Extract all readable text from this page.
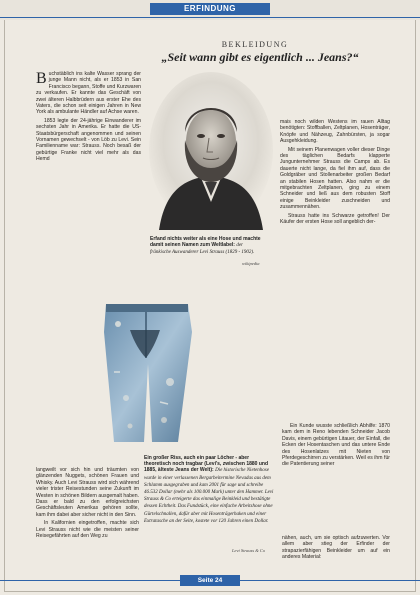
ERFINDUNG
BEKLEIDUNG
„Seit wann gibt es eigentlich ... Jeans?“

Buchstäblich ins kalte Wasser sprang der junge Mann nicht, als er 1853 in San Francisco begann, Stoffe und Kurzwaren zu verkaufen. Er kannte das Geschäft von zwei älteren Halbbrüdern aus erster Ehe des Vaters, die schon seit einigen Jahren in New York als ambulante Händler auf Achse waren.

1853 legte der 24-jährige Einwanderer im sechsten Jahr in Amerika. Er hatte die US-Staatsbürgerschaft angenommen und seinen Vornamen gewechselt - von Löb zu Levi. Sein Familienname war: Strauss. Noch besaß der gebürtige Franke nicht viel mehr als das Hemd

Erfand nichts weiter als eine Hose und machte damit seinen Namen zum Weltlabel: der fränkische Auswanderer Levi Strauss (1829 - 1902).
wikipedia

mais noch wilden Westens im rauen Alltag benötigten: Stoffballen, Zeltplanen, Hosenträger, Knöpfe und Nähzeug, Zahnbürsten, ja sogar Ausgehkleidung.

Mit seinem Planenwagen voller dieser Dinge des täglichen Bedarfs klapperte Jungunternehmer Strauss die Camps ab. Es dauerte nicht lange, da fiel ihm auf, dass die Goldgräber und Stollenarbeiter großen Bedarf an stabilen Hosen hatten. Also nahm er die mitgebrachten Zeltplanen, ging zu einem Schneider und ließ aus dem robusten Stoff einige Beinkleider zuschneiden und zusammennähen.

Strauss hatte ins Schwarze getroffen! Der Käufer der ersten Hose soll angeblich der-

Ein Kunde wusste schließlich Abhilfe: 1870 kam dem in Reno lebenden Schneider Jacob Davis, einem gebürtigen Litauer, der Einfall, die Ecken der Hosentaschen und das untere Ende des Hosenlatzes mit Nieten von Pferdegeschirren zu verstärken. Weil es ihm für die Patentierung seiner

langweilt vor sich hin und träumten von glänzenden Nuggets, schönen Frauen und Whisky. Auch Levi Strauss wird sich während vieler trister Reisestunden seine Zukunft im Westen in schönen Bildern ausgemalt haben. Dass er bald zu den erfolgreichsten Geschäftsleuten Amerikas gehören sollte, kam ihm dabei aber sicher nicht in den Sinn.

In Kalifornien eingetroffen, machte sich Levi Strauss nicht wie die meisten seiner Reisegefährten auf den Weg zu

Ein großer Riss, auch ein paar Löcher - aber theoretisch noch tragbar (Levi's, zwischen 1880 und 1885, älteste Jeans der Welt): Die historische Nietenhose wurde in einer verlassenen Bergarbeitermine Nevadas aus dem Schlamm ausgegraben und kam 2001 für sage und schreibe 46.532 Dollar (mehr als 100.000 Mark) unter den Hammer. Levi Strauss & Co erteigerte das einmalige Beinkleid und bestätigte dessen Echtheit. Das Fundstück, eine einfache Arbeitshose ohne Gürtelschnallen, dafür aber mit Hosenträgerhaken und einer Extratasche an der Seite, kostete vor 120 Jahren einen Dollar.
Levi Strauss & Co

nähen, auch, um sie optisch aufzuwerten. Vor allem aber stieg der Erfinder der strapazierfähigen Beinkleider um auf ein anderes Material:

Seite 24
